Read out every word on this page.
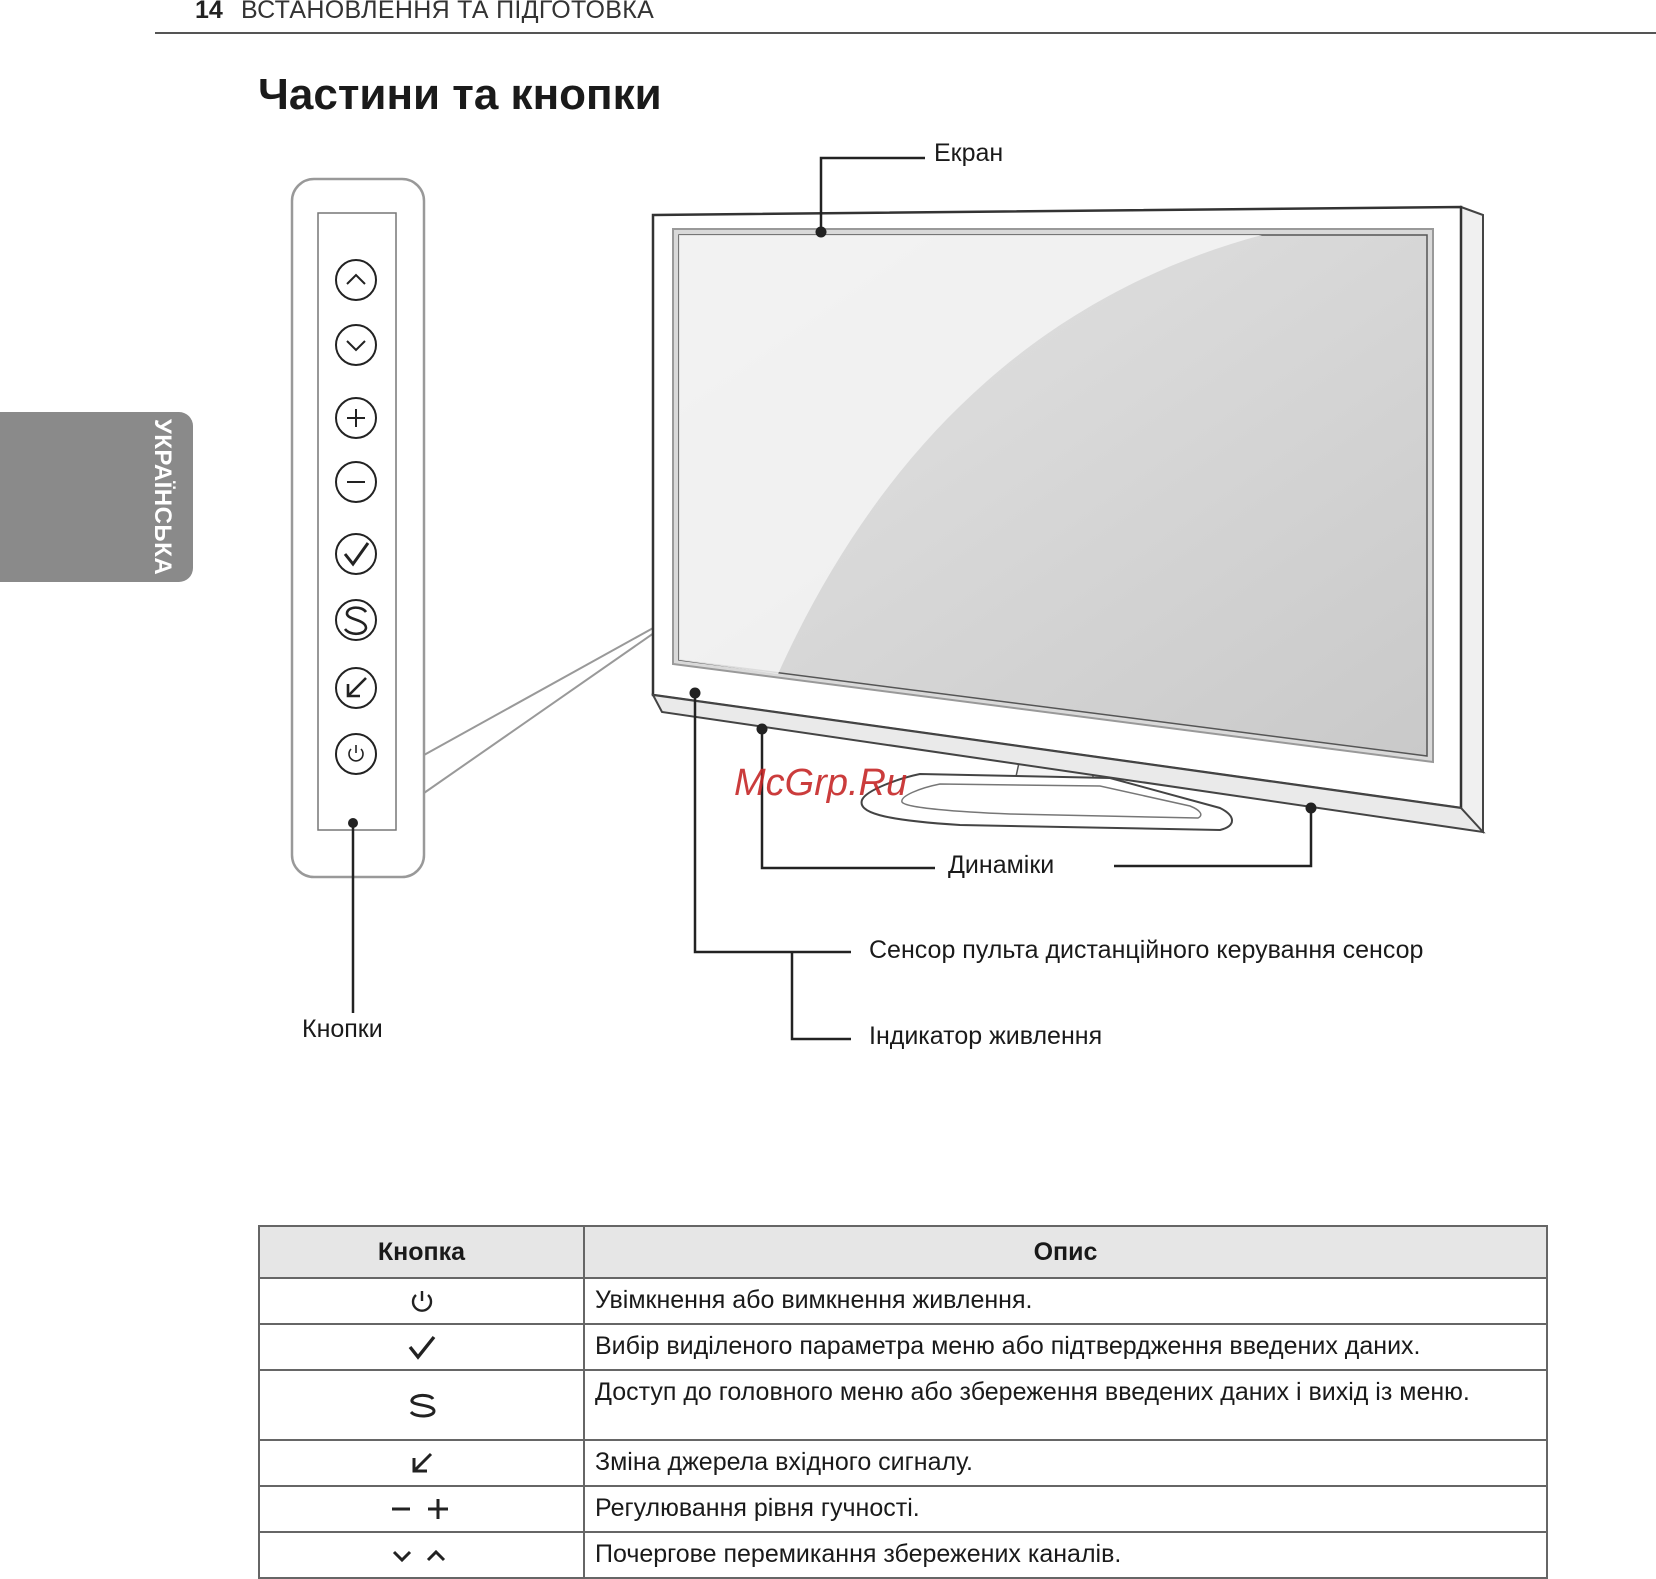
14 ВСТАНОВЛЕННЯ ТА ПІДГОТОВКА
УКРАЇНСЬКА
Частини та кнопки
Екран
Динаміки
Сенсор пульта дистанційного керування сенсор
Індикатор живлення
Кнопки
McGrp.Ru
Кнопка	Опис
	Увімкнення або вимкнення живлення.
	Вибір виділеного параметра меню або підтвердження введених даних.
	Доступ до головного меню або збереження введених даних і вихід із меню.
	Зміна джерела вхідного сигналу.
	Регулювання рівня гучності.
	Почергове перемикання збережених каналів.
